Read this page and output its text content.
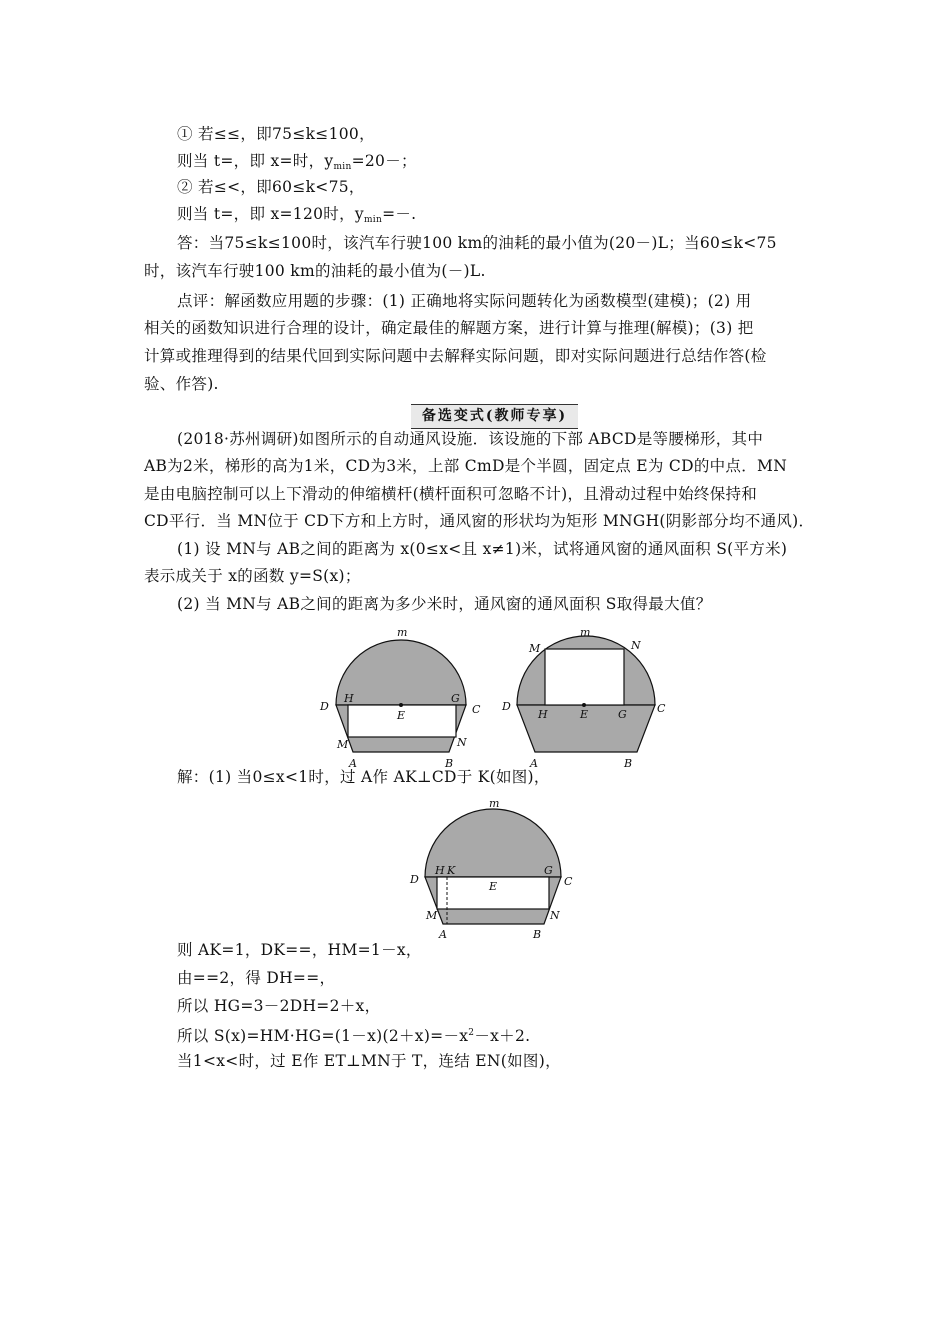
① 若≤≤，即75≤k≤100，
则当 t=，即 x=时，$y_{min}=20-$；
② 若≤<，即60≤k<75，
则当 t=，即 x=120时，$y_{min}=-$.
答：当75≤k≤100时，该汽车行驶100 km的油耗的最小值为(20－)L；当60≤k<75
时，该汽车行驶100 km的油耗的最小值为(－)L.
点评：解函数应用题的步骤：(1) 正确地将实际问题转化为函数模型(建模)；(2) 用
相关的函数知识进行合理的设计，确定最佳的解题方案，进行计算与推理(解模)；(3) 把
计算或推理得到的结果代回到实际问题中去解释实际问题，即对实际问题进行总结作答(检
验、作答).
备选变式(教师专享)
(2018·苏州调研)如图所示的自动通风设施．该设施的下部 ABCD是等腰梯形，其中
AB为2米，梯形的高为1米，CD为3米，上部 CmD是个半圆，固定点 E为 CD的中点．MN
是由电脑控制可以上下滑动的伸缩横杆(横杆面积可忽略不计)，且滑动过程中始终保持和
CD平行．当 MN位于 CD下方和上方时，通风窗的形状均为矩形 MNGH(阴影部分均不通风)．
(1) 设 MN与 AB之间的距离为 x(0≤x<且 x≠1)米，试将通风窗的通风面积 S(平方米)
表示成关于 x的函数 y=S(x)；
(2) 当 MN与 AB之间的距离为多少米时，通风窗的通风面积 S取得最大值？
m
D
H
E
G
C
M	N
A	B
m
M	N
D
H	E	G	C
A	B
解：(1) 当0≤x<1时，过 A作 AK⊥CD于 K(如图)，
m
D
H K
E
G
C
M	N
A	B
则 AK=1，DK==，HM=1－x，
由==2，得 DH==，
所以 HG=3－2DH=2＋x，
所以 $S(x)=HM\cdot HG=(1-x)(2+x)=-x^2-x+2$.
当1<x<时，过 E作 ET⊥MN于 T，连结 EN(如图)，
